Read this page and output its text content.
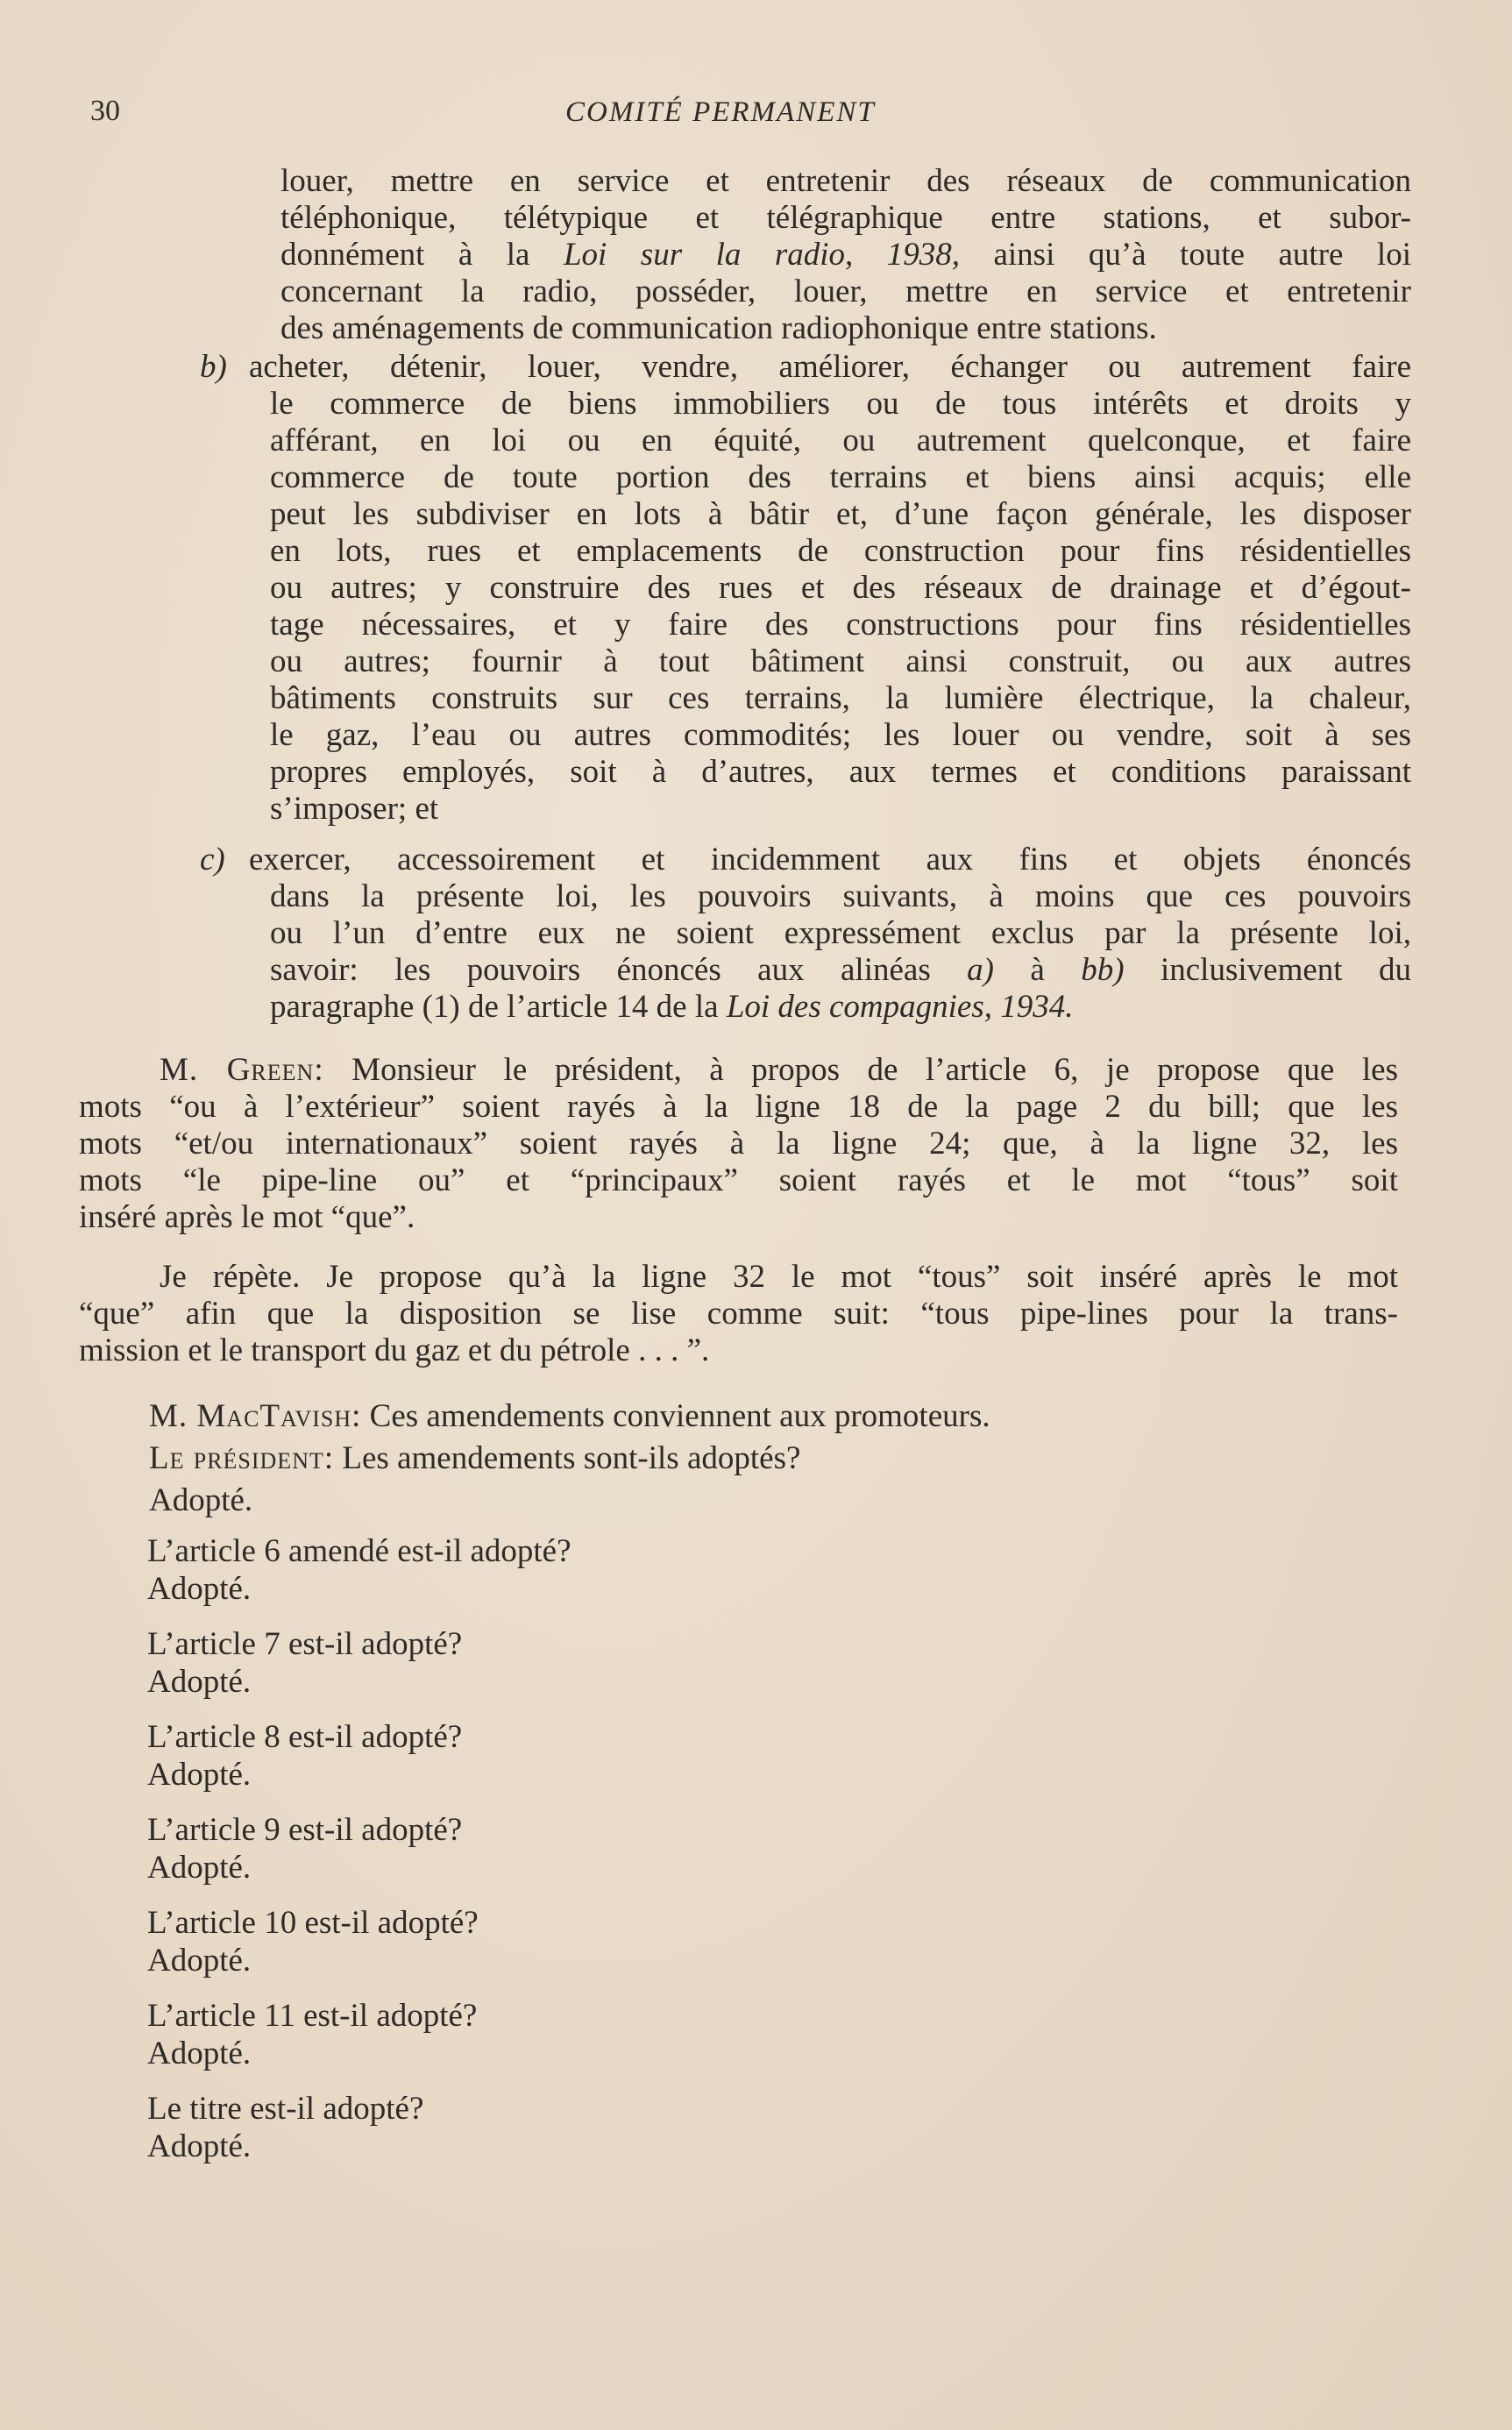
30	COMITÉ PERMANENT
louer, mettre en service et entretenir des réseaux de communication
téléphonique, télétypique et télégraphique entre stations, et subor-
donnément à la Loi sur la radio, 1938, ainsi qu’à toute autre loi
concernant la radio, posséder, louer, mettre en service et entretenir
des aménagements de communication radiophonique entre stations.
b) acheter, détenir, louer, vendre, améliorer, échanger ou autrement faire
le commerce de biens immobiliers ou de tous intérêts et droits y
afférant, en loi ou en équité, ou autrement quelconque, et faire
commerce de toute portion des terrains et biens ainsi acquis; elle
peut les subdiviser en lots à bâtir et, d’une façon générale, les disposer
en lots, rues et emplacements de construction pour fins résidentielles
ou autres; y construire des rues et des réseaux de drainage et d’égout-
tage nécessaires, et y faire des constructions pour fins résidentielles
ou autres; fournir à tout bâtiment ainsi construit, ou aux autres
bâtiments construits sur ces terrains, la lumière électrique, la chaleur,
le gaz, l’eau ou autres commodités; les louer ou vendre, soit à ses
propres employés, soit à d’autres, aux termes et conditions paraissant
s’imposer; et
c) exercer, accessoirement et incidemment aux fins et objets énoncés
dans la présente loi, les pouvoirs suivants, à moins que ces pouvoirs
ou l’un d’entre eux ne soient expressément exclus par la présente loi,
savoir: les pouvoirs énoncés aux alinéas a) à bb) inclusivement du
paragraphe (1) de l’article 14 de la Loi des compagnies, 1934.
M. Green: Monsieur le président, à propos de l’article 6, je propose que les
mots “ou à l’extérieur” soient rayés à la ligne 18 de la page 2 du bill; que les
mots “et/ou internationaux” soient rayés à la ligne 24; que, à la ligne 32, les
mots “le pipe-line ou” et “principaux” soient rayés et le mot “tous” soit
inséré après le mot “que”.
Je répète. Je propose qu’à la ligne 32 le mot “tous” soit inséré après le mot
“que” afin que la disposition se lise comme suit: “tous pipe-lines pour la trans-
mission et le transport du gaz et du pétrole . . . ”.
M. MacTavish: Ces amendements conviennent aux promoteurs.
Le président: Les amendements sont-ils adoptés?
Adopté.
L’article 6 amendé est-il adopté?
Adopté.
L’article 7 est-il adopté?
Adopté.
L’article 8 est-il adopté?
Adopté.
L’article 9 est-il adopté?
Adopté.
L’article 10 est-il adopté?
Adopté.
L’article 11 est-il adopté?
Adopté.
Le titre est-il adopté?
Adopté.
